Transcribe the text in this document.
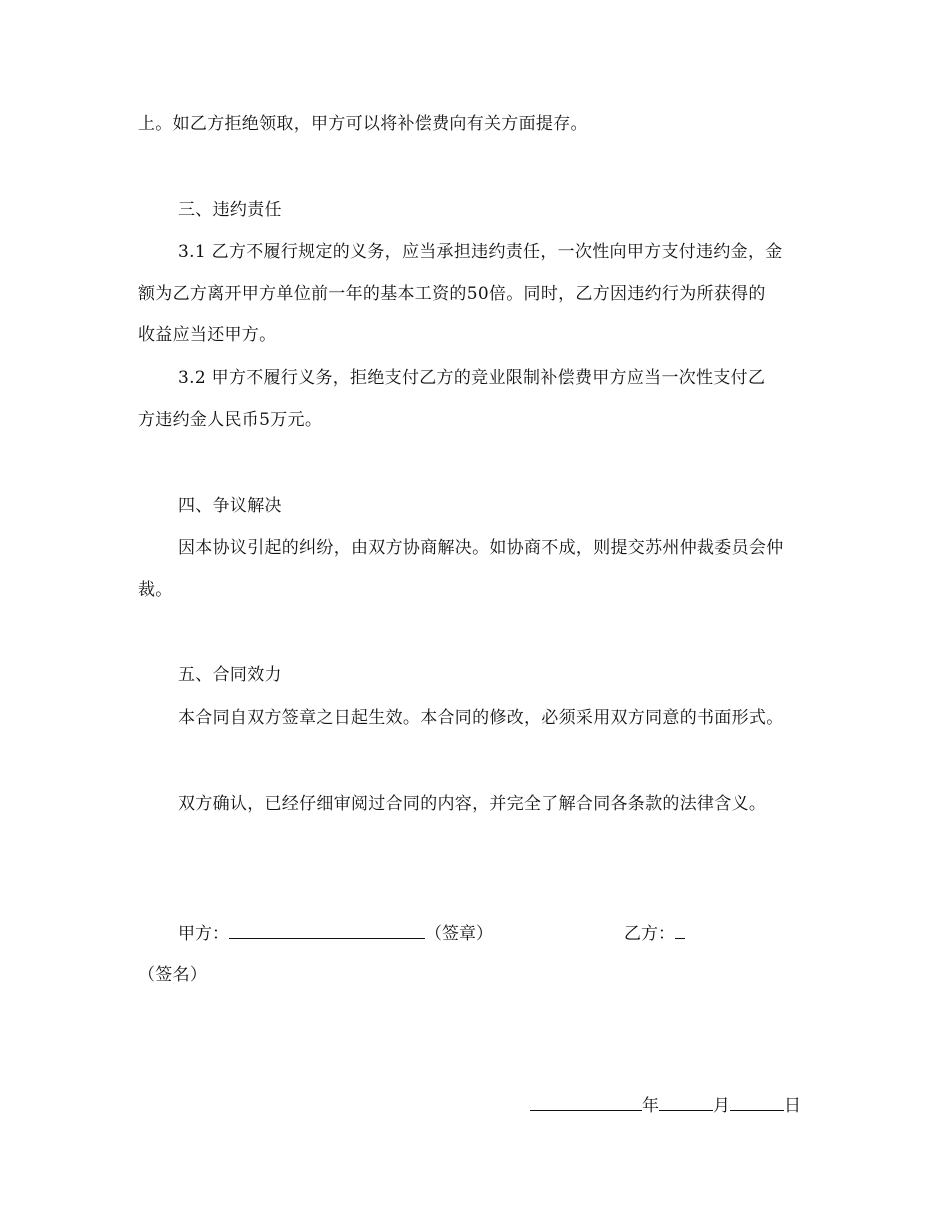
上。如乙方拒绝领取，甲方可以将补偿费向有关方面提存。
三、违约责任
3.1 乙方不履行规定的义务，应当承担违约责任，一次性向甲方支付违约金，金
额为乙方离开甲方单位前一年的基本工资的50倍。同时，乙方因违约行为所获得的
收益应当还甲方。
3.2 甲方不履行义务，拒绝支付乙方的竞业限制补偿费甲方应当一次性支付乙
方违约金人民币5万元。
四、争议解决
因本协议引起的纠纷，由双方协商解决。如协商不成，则提交苏州仲裁委员会仲
裁。
五、合同效力
本合同自双方签章之日起生效。本合同的修改，必须采用双方同意的书面形式。
双方确认，已经仔细审阅过合同的内容，并完全了解合同各条款的法律含义。
甲方：	（签章）	乙方：
（签名）
年	月	日
